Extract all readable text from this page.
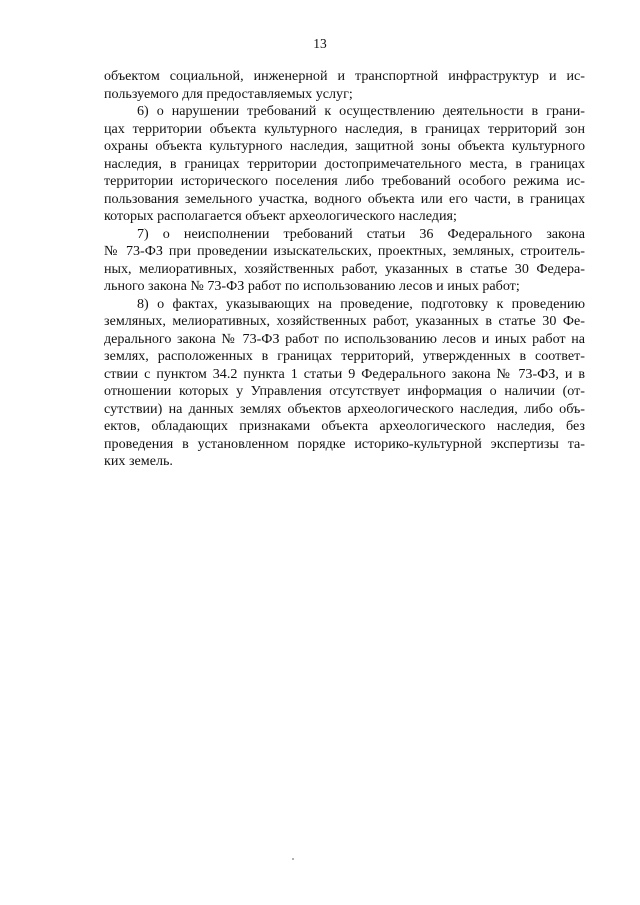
13
объектом социальной, инженерной и транспортной инфраструктур и ис-
пользуемого для предоставляемых услуг;
6) о нарушении требований к осуществлению деятельности в грани-
цах территории объекта культурного наследия, в границах территорий зон
охраны объекта культурного наследия, защитной зоны объекта культурного
наследия, в границах территории достопримечательного места, в границах
территории исторического поселения либо требований особого режима ис-
пользования земельного участка, водного объекта или его части, в границах
которых располагается объект археологического наследия;
7) о неисполнении требований статьи 36 Федерального закона
№ 73-ФЗ при проведении изыскательских, проектных, земляных, строитель-
ных, мелиоративных, хозяйственных работ, указанных в статье 30 Федера-
льного закона № 73-ФЗ работ по использованию лесов и иных работ;
8) о фактах, указывающих на проведение, подготовку к проведению
земляных, мелиоративных, хозяйственных работ, указанных в статье 30 Фе-
дерального закона № 73-ФЗ работ по использованию лесов и иных работ на
землях, расположенных в границах территорий, утвержденных в соответ-
ствии с пунктом 34.2 пункта 1 статьи 9 Федерального закона № 73-ФЗ, и в
отношении которых у Управления отсутствует информация о наличии (от-
сутствии) на данных землях объектов археологического наследия, либо объ-
ектов, обладающих признаками объекта археологического наследия, без
проведения в установленном порядке историко-культурной экспертизы та-
ких земель.
